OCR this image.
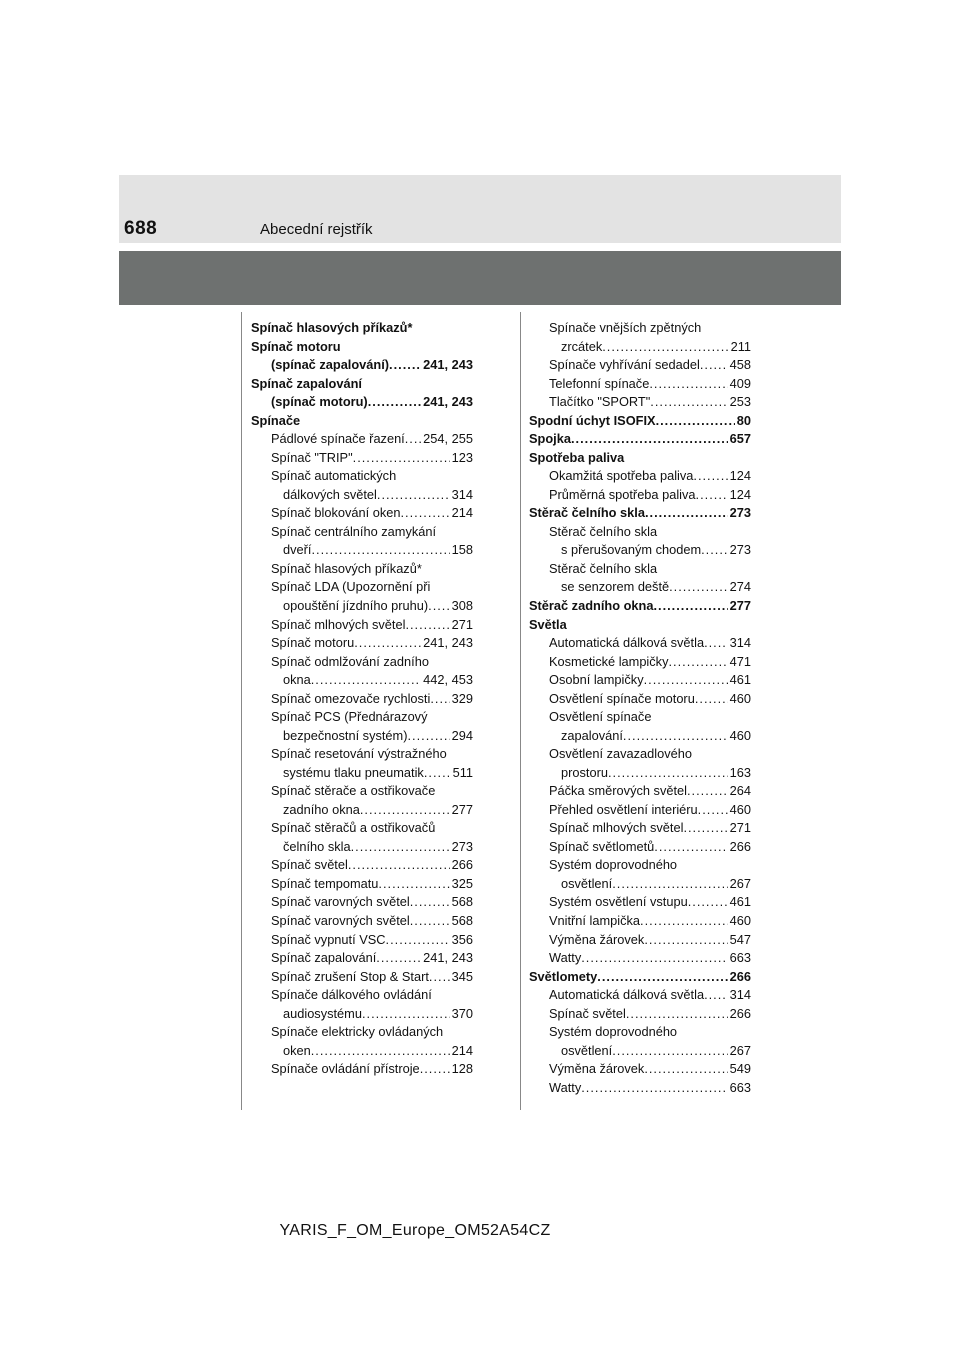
688	Abecední rejstřík
Spínač hlasových příkazů*
Spínač motoru
(spínač zapalování) .....	241, 243
Spínač zapalování
(spínač motoru) .....	241, 243
Spínače
Pádlové spínače řazení ..... 254, 255
Spínač "TRIP" .....	123
Spínač automatických
dálkových světel .....	314
Spínač blokování oken .....	214
Spínač centrálního zamykání
dveří .....	158
Spínač hlasových příkazů*
Spínač LDA (Upozornění při
opouštění jízdního pruhu) ..... 308
Spínač mlhových světel .....	271
Spínač motoru .....	241, 243
Spínač odmlžování zadního
okna .....	442, 453
Spínač omezovače rychlosti ..... 329
Spínač PCS (Přednárazový
bezpečnostní systém) .....	294
Spínač resetování výstražného
systému tlaku pneumatik ..... 511
Spínač stěrače a ostřikovače
zadního okna .....	277
Spínač stěračů a ostřikovačů
čelního skla .....	273
Spínač světel .....	266
Spínač tempomatu .....	325
Spínač varovných světel .....	568
Spínač varovných světel .....	568
Spínač vypnutí VSC .....	356
Spínač zapalování .....	241, 243
Spínač zrušení Stop & Start ..... 345
Spínače dálkového ovládání
audiosystému .....	370
Spínače elektricky ovládaných
oken .....	214
Spínače ovládání přístroje ..... 128
Spínače vnějších zpětných
zrcátek .....	211
Spínače vyhřívání sedadel ..... 458
Telefonní spínače .....	409
Tlačítko "SPORT" .....	253
Spodní úchyt ISOFIX .....	80
Spojka .....	657
Spotřeba paliva
Okamžitá spotřeba paliva .....	124
Průměrná spotřeba paliva .....	124
Stěrač čelního skla .....	273
Stěrač čelního skla
s přerušovaným chodem ..... 273
Stěrač čelního skla
se senzorem deště .....	274
Stěrač zadního okna .....	277
Světla
Automatická dálková světla ..... 314
Kosmetické lampičky .....	471
Osobní lampičky .....	461
Osvětlení spínače motoru .....	460
Osvětlení spínače
zapalování .....	460
Osvětlení zavazadlového
prostoru .....	163
Páčka směrových světel .....	264
Přehled osvětlení interiéru ..... 460
Spínač mlhových světel .....	271
Spínač světlometů .....	266
Systém doprovodného
osvětlení .....	267
Systém osvětlení vstupu .....	461
Vnitřní lampička .....	460
Výměna žárovek .....	547
Watty .....	663
Světlomety .....	266
Automatická dálková světla ..... 314
Spínač světel .....	266
Systém doprovodného
osvětlení .....	267
Výměna žárovek .....	549
Watty .....	663
YARIS_F_OM_Europe_OM52A54CZ
